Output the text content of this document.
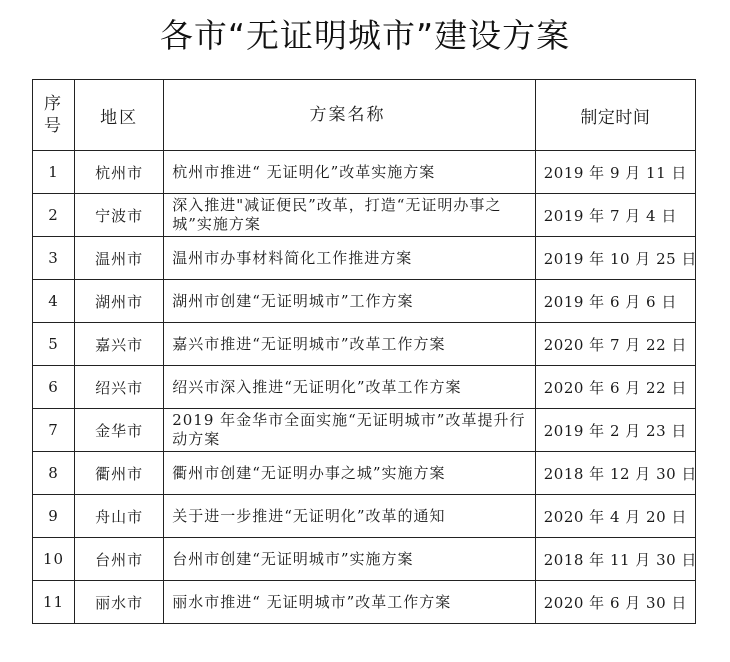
各市“无证明城市”建设方案
序
号	地区	方案名称	制定时间
1	杭州市	杭州市推进“ 无证明化”改革实施方案	2019 年 9 月 11 日
2	宁波市	深入推进"减证便民”改革，打造“无证明办事之城”实施方案	2019 年 7 月 4 日
3	温州市	温州市办事材料简化工作推进方案	2019 年 10 月 25 日
4	湖州市	湖州市创建“无证明城市”工作方案	2019 年 6 月 6 日
5	嘉兴市	嘉兴市推进“无证明城市”改革工作方案	2020 年 7 月 22 日
6	绍兴市	绍兴市深入推进“无证明化”改革工作方案	2020 年 6 月 22 日
7	金华市	2019 年金华市全面实施“无证明城市”改革提升行动方案	2019 年 2 月 23 日
8	衢州市	衢州市创建“无证明办事之城”实施方案	2018 年 12 月 30 日
9	舟山市	关于进一步推进“无证明化”改革的通知	2020 年 4 月 20 日
10	台州市	台州市创建“无证明城市”实施方案	2018 年 11 月 30 日
11	丽水市	丽水市推进“ 无证明城市”改革工作方案	2020 年 6 月 30 日
